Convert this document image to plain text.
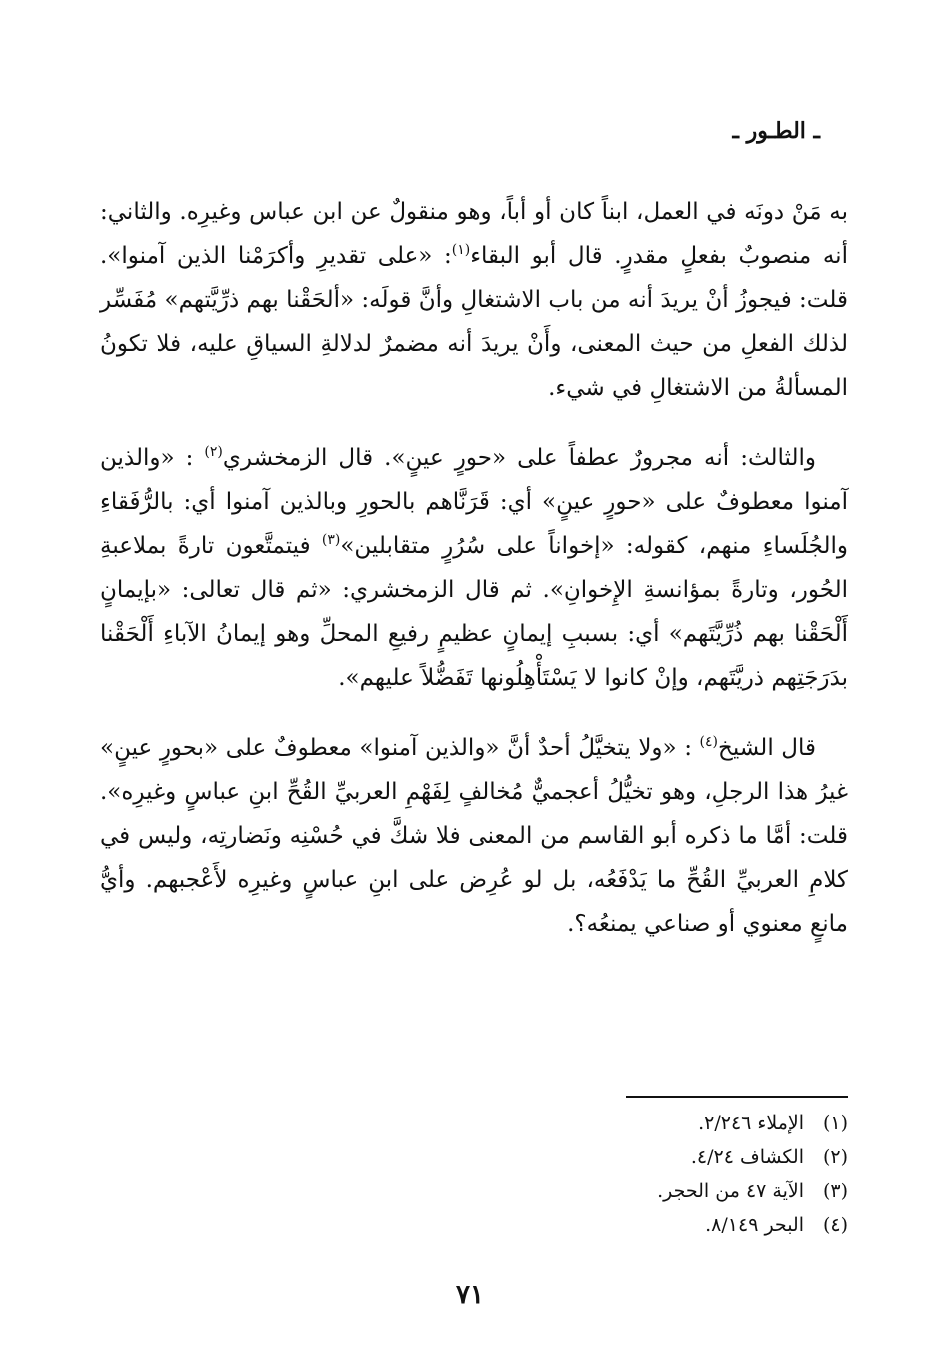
ـ الطـور ـ

به مَنْ دونَه في العمل، ابناً كان أو أباً، وهو منقولٌ عن ابن عباس وغيرِه. والثاني: أنه منصوبٌ بفعلٍ مقدرٍ. قال أبو البقاء$^{(١)}$: «على تقديرِ وأكرَمْنا الذين آمنوا». قلت: فيجوزُ أنْ يريدَ أنه من باب الاشتغالِ وأنَّ قولَه: «ألحَقْنا بهم ذرِّيَّتهم» مُفَسِّر لذلك الفعلِ من حيث المعنى، وأَنْ يريدَ أنه مضمرٌ لدلالةِ السياقِ عليه، فلا تكونُ المسألةُ من الاشتغالِ في شيء.

والثالث: أنه مجرورٌ عطفاً على «حورٍ عينٍ». قال الزمخشري$^{(٢)}$ : «والذين آمنوا معطوفٌ على «حورٍ عينٍ» أي: قَرَنَّاهم بالحورِ وبالذين آمنوا أي: بالرُّفَقاءِ والجُلَساءِ منهم، كقوله: «إخواناً على سُرُرٍ متقابلين»$^{(٣)}$ فيتمتَّعون تارةً بملاعبةِ الحُور، وتارةً بمؤانسةِ الإِخوانِ». ثم قال الزمخشري: «ثم قال تعالى: «بإيمانٍ أَلْحَقْنا بهم ذُرِّيَّتَهم» أي: بسببِ إيمانٍ عظيمٍ رفيعِ المحلِّ وهو إيمانُ الآباءِ أَلْحَقْنا بدَرَجَتِهم ذريَّتَهم، وإنْ كانوا لا يَسْتَأْهِلُونها تَفَضُّلاً عليهم».

قال الشيخ$^{(٤)}$ : «ولا يتخيَّلُ أحدٌ أنَّ «والذين آمنوا» معطوفٌ على «بحورٍ عينٍ» غيرُ هذا الرجلِ، وهو تخيُّلُ أعجميٌّ مُخالفٍ لِفَهْمِ العربيِّ القُحِّ ابنِ عباسٍ وغيرِه». قلت: أمَّا ما ذكره أبو القاسم من المعنى فلا شكَّ في حُسْنِه ونَضارتِه، وليس في كلامِ العربيِّ القُحِّ ما يَدْفَعُه، بل لو عُرِض على ابنِ عباسٍ وغيرِه لأَعْجبهم. وأيُّ مانعٍ معنوي أو صناعي يمنعُه؟.

(١)
الإملاء ٢/٢٤٦.
(٢)
الكشاف ٤/٢٤.
(٣)
الآية ٤٧ من الحجر.
(٤)
البحر ٨/١٤٩.
٧١
